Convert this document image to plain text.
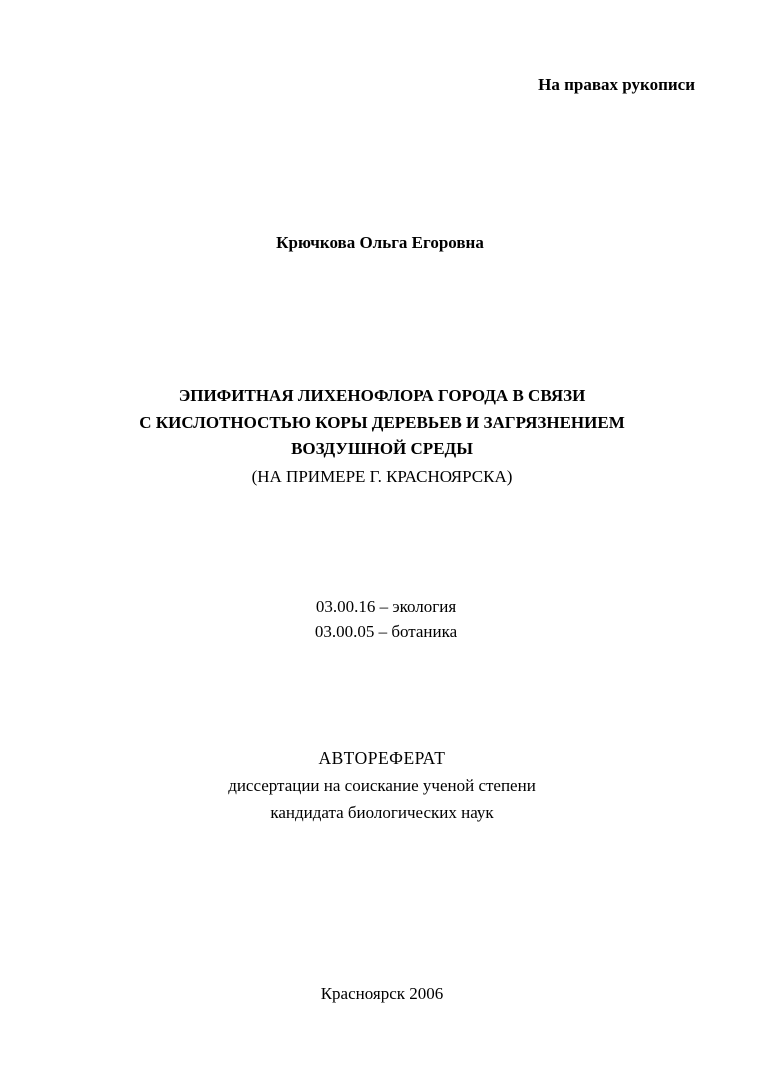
На правах рукописи
Крючкова Ольга Егоровна
ЭПИФИТНАЯ ЛИХЕНОФЛОРА ГОРОДА В СВЯЗИ
С КИСЛОТНОСТЬЮ КОРЫ ДЕРЕВЬЕВ И ЗАГРЯЗНЕНИЕМ
ВОЗДУШНОЙ СРЕДЫ
(НА ПРИМЕРЕ Г. КРАСНОЯРСКА)
03.00.16 – экология
03.00.05 – ботаника
АВТОРЕФЕРАТ
диссертации на соискание ученой степени
кандидата биологических наук
Красноярск 2006
